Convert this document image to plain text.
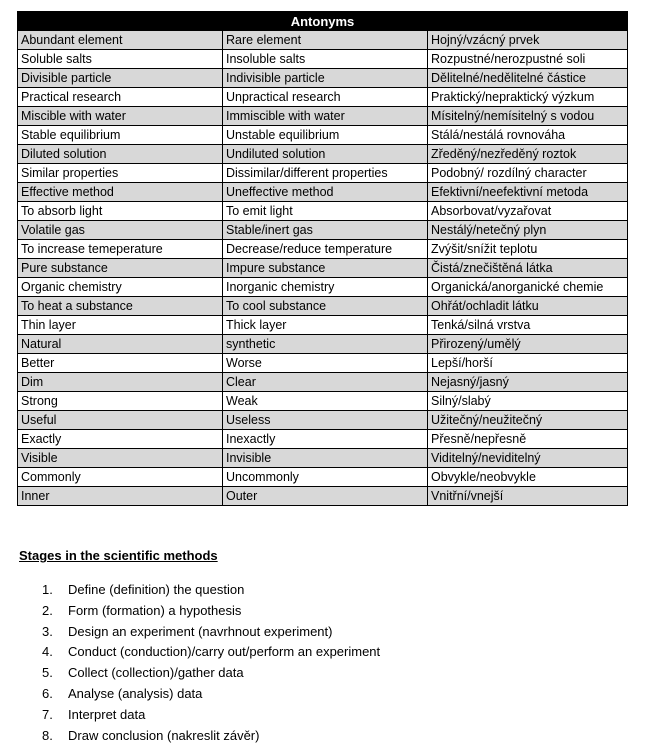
Antonyms		
Abundant element	Rare element	Hojný/vzácný prvek
Soluble salts	Insoluble salts	Rozpustné/nerozpustné soli
Divisible particle	Indivisible particle	Dělitelné/nedělitelné částice
Practical research	Unpractical research	Praktický/nepraktický výzkum
Miscible with water	Immiscible with water	Mísitelný/nemísitelný s vodou
Stable equilibrium	Unstable equilibrium	Stálá/nestálá rovnováha
Diluted solution	Undiluted solution	Zředěný/nezředěný roztok
Similar properties	Dissimilar/different properties	Podobný/ rozdílný character
Effective method	Uneffective method	Efektivní/neefektivní metoda
To absorb light	To emit light	Absorbovat/vyzařovat
Volatile gas	Stable/inert gas	Nestálý/netečný plyn
To increase temeperature	Decrease/reduce temperature	Zvýšit/snížit teplotu
Pure substance	Impure substance	Čistá/znečištěná látka
Organic chemistry	Inorganic chemistry	Organická/anorganické chemie
To heat a substance	To cool substance	Ohřát/ochladit látku
Thin layer	Thick layer	Tenká/silná vrstva
Natural	synthetic	Přirozený/umělý
Better	Worse	Lepší/horší
Dim	Clear	Nejasný/jasný
Strong	Weak	Silný/slabý
Useful	Useless	Užitečný/neužitečný
Exactly	Inexactly	Přesně/nepřesně
Visible	Invisible	Viditelný/neviditelný
Commonly	Uncommonly	Obvykle/neobvykle
Inner	Outer	Vnitřní/vnejší
Stages in the scientific methods
1.	Define (definition) the question
2.	Form (formation) a hypothesis
3.	Design an experiment (navrhnout experiment)
4.	Conduct (conduction)/carry out/perform an experiment
5.	Collect (collection)/gather data
6.	Analyse (analysis) data
7.	Interpret data
8.	Draw conclusion (nakreslit závěr)
